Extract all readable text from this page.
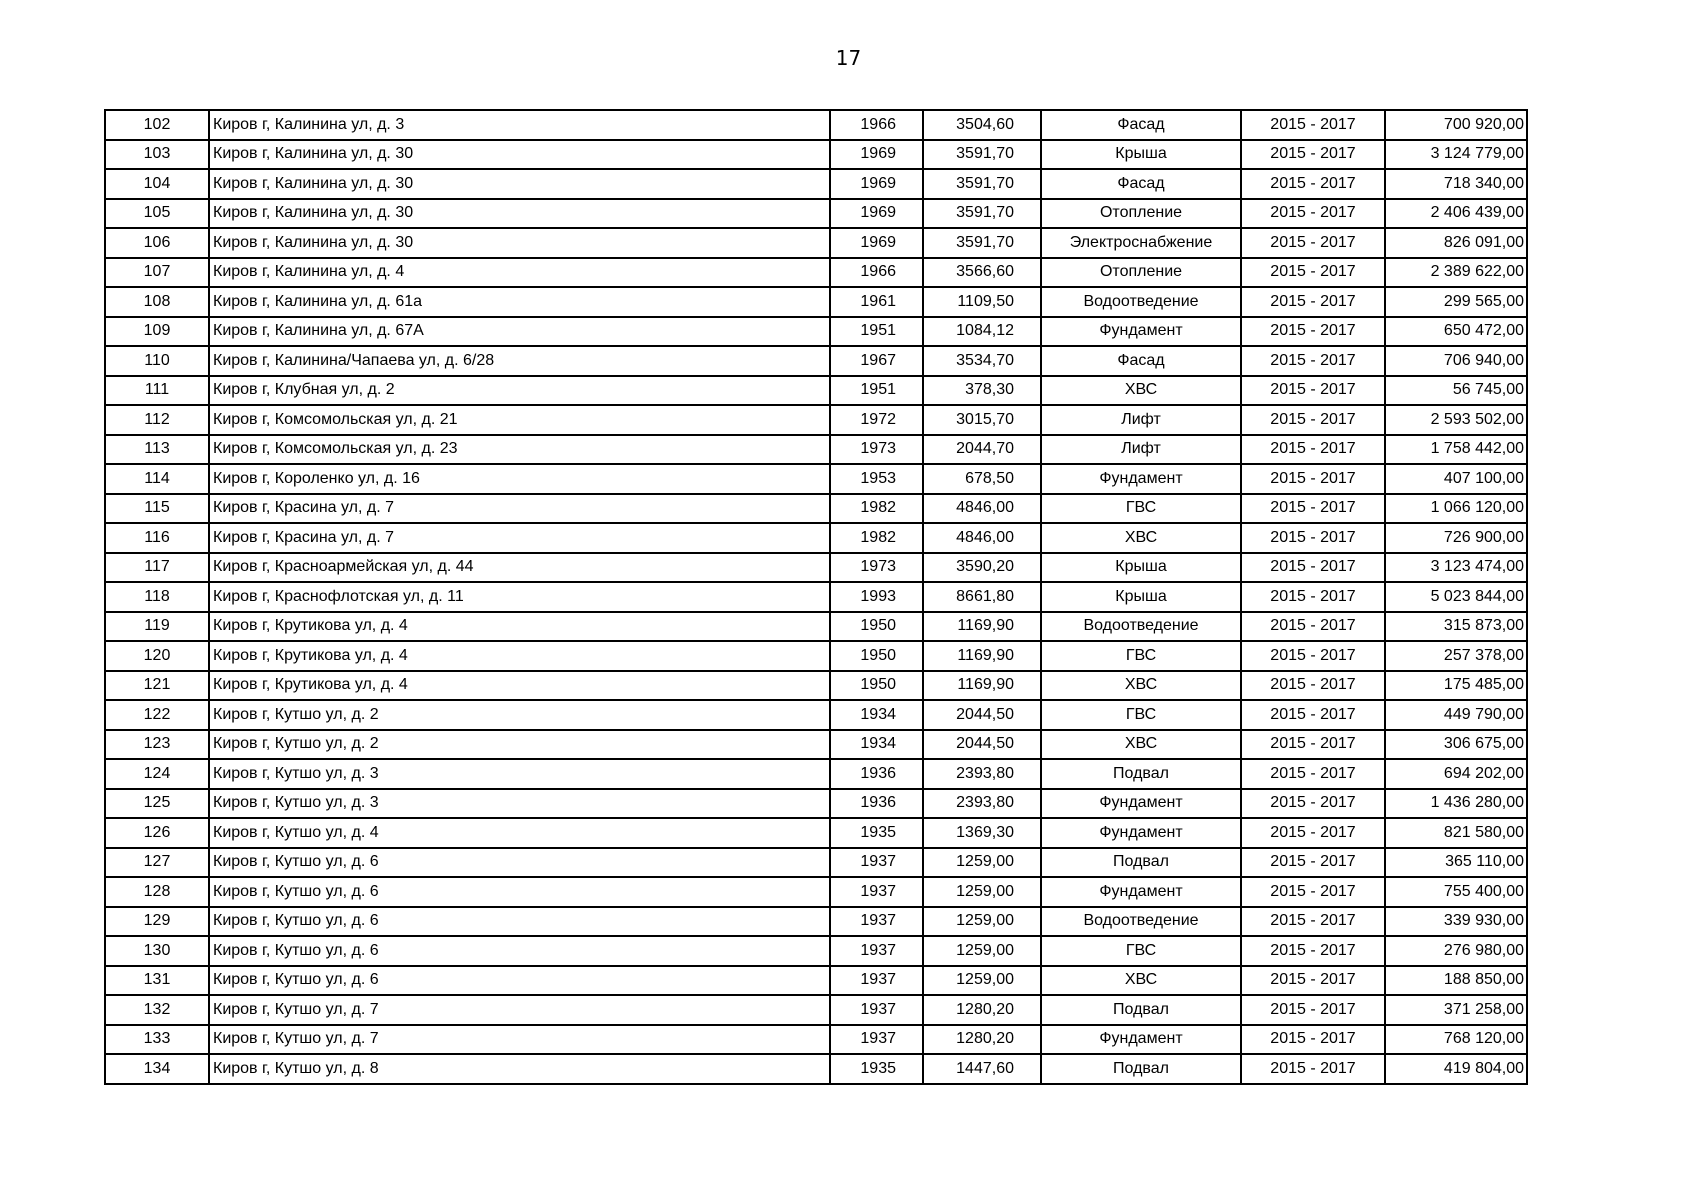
17
102	Киров г, Калинина ул, д. 3	1966	3504,60	Фасад	2015 - 2017	700 920,00
103	Киров г, Калинина ул, д. 30	1969	3591,70	Крыша	2015 - 2017	3 124 779,00
104	Киров г, Калинина ул, д. 30	1969	3591,70	Фасад	2015 - 2017	718 340,00
105	Киров г, Калинина ул, д. 30	1969	3591,70	Отопление	2015 - 2017	2 406 439,00
106	Киров г, Калинина ул, д. 30	1969	3591,70	Электроснабжение	2015 - 2017	826 091,00
107	Киров г, Калинина ул, д. 4	1966	3566,60	Отопление	2015 - 2017	2 389 622,00
108	Киров г, Калинина ул, д. 61а	1961	1109,50	Водоотведение	2015 - 2017	299 565,00
109	Киров г, Калинина ул, д. 67А	1951	1084,12	Фундамент	2015 - 2017	650 472,00
110	Киров г, Калинина/Чапаева ул, д. 6/28	1967	3534,70	Фасад	2015 - 2017	706 940,00
111	Киров г, Клубная ул, д. 2	1951	378,30	ХВС	2015 - 2017	56 745,00
112	Киров г, Комсомольская ул, д. 21	1972	3015,70	Лифт	2015 - 2017	2 593 502,00
113	Киров г, Комсомольская ул, д. 23	1973	2044,70	Лифт	2015 - 2017	1 758 442,00
114	Киров г, Короленко ул, д. 16	1953	678,50	Фундамент	2015 - 2017	407 100,00
115	Киров г, Красина ул, д. 7	1982	4846,00	ГВС	2015 - 2017	1 066 120,00
116	Киров г, Красина ул, д. 7	1982	4846,00	ХВС	2015 - 2017	726 900,00
117	Киров г, Красноармейская ул, д. 44	1973	3590,20	Крыша	2015 - 2017	3 123 474,00
118	Киров г, Краснофлотская ул, д. 11	1993	8661,80	Крыша	2015 - 2017	5 023 844,00
119	Киров г, Крутикова ул, д. 4	1950	1169,90	Водоотведение	2015 - 2017	315 873,00
120	Киров г, Крутикова ул, д. 4	1950	1169,90	ГВС	2015 - 2017	257 378,00
121	Киров г, Крутикова ул, д. 4	1950	1169,90	ХВС	2015 - 2017	175 485,00
122	Киров г, Кутшо ул, д. 2	1934	2044,50	ГВС	2015 - 2017	449 790,00
123	Киров г, Кутшо ул, д. 2	1934	2044,50	ХВС	2015 - 2017	306 675,00
124	Киров г, Кутшо ул, д. 3	1936	2393,80	Подвал	2015 - 2017	694 202,00
125	Киров г, Кутшо ул, д. 3	1936	2393,80	Фундамент	2015 - 2017	1 436 280,00
126	Киров г, Кутшо ул, д. 4	1935	1369,30	Фундамент	2015 - 2017	821 580,00
127	Киров г, Кутшо ул, д. 6	1937	1259,00	Подвал	2015 - 2017	365 110,00
128	Киров г, Кутшо ул, д. 6	1937	1259,00	Фундамент	2015 - 2017	755 400,00
129	Киров г, Кутшо ул, д. 6	1937	1259,00	Водоотведение	2015 - 2017	339 930,00
130	Киров г, Кутшо ул, д. 6	1937	1259,00	ГВС	2015 - 2017	276 980,00
131	Киров г, Кутшо ул, д. 6	1937	1259,00	ХВС	2015 - 2017	188 850,00
132	Киров г, Кутшо ул, д. 7	1937	1280,20	Подвал	2015 - 2017	371 258,00
133	Киров г, Кутшо ул, д. 7	1937	1280,20	Фундамент	2015 - 2017	768 120,00
134	Киров г, Кутшо ул, д. 8	1935	1447,60	Подвал	2015 - 2017	419 804,00
